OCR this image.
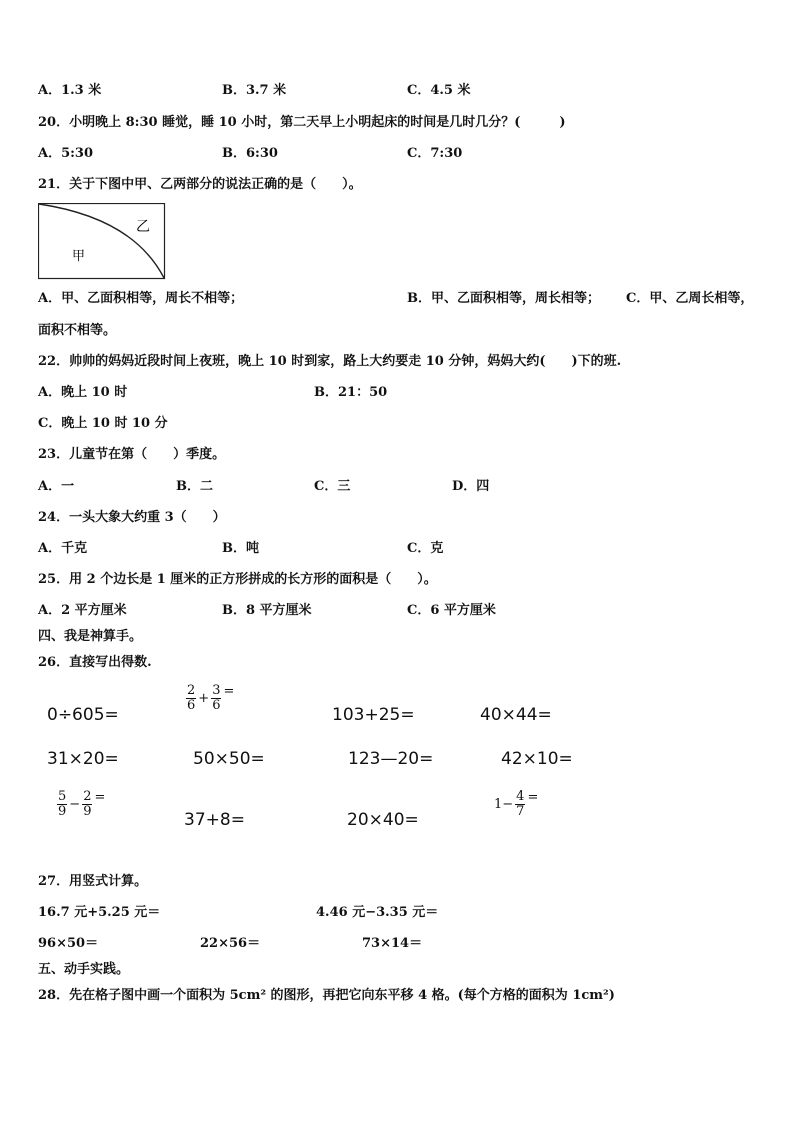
A．1.3 米	B．3.7 米	C．4.5 米
20．小明晚上 8:30 睡觉，睡 10 小时，第二天早上小明起床的时间是几时几分？(　　　)
A．5:30	B．6:30	C．7:30
21．关于下图中甲、乙两部分的说法正确的是（　　）。
乙
甲
A．甲、乙面积相等，周长不相等；	B．甲、乙面积相等，周长相等； C．甲、乙周长相等，
面积不相等。
22．帅帅的妈妈近段时间上夜班，晚上 10 时到家，路上大约要走 10 分钟，妈妈大约(　　)下的班.
A．晚上 10 时	B．21：50
C．晚上 10 时 10 分
23．儿童节在第（　　）季度。
A．一	B．二	C．三	D．四
24．一头大象大约重 3（　　）
A．千克	B．吨	C．克
25．用 2 个边长是 1 厘米的正方形拼成的长方形的面积是（　　）。
A．2 平方厘米	B．8 平方厘米	C．6 平方厘米
四、我是神算手。
26．直接写出得数.
$\frac{2}{6} + \frac{3}{6}$ =
0÷605=	103+25=	40×44=
31×20=	50×50=	123—20=	42×10=
$\frac{5}{9} - \frac{2}{9}$ =
37+8=	20×40=
$1- \frac{4}{7}$ =
27．用竖式计算。
16.7 元+5.25 元＝	4.46 元−3.35 元＝
96×50＝	22×56＝	73×14＝
五、动手实践。
28．先在格子图中画一个面积为 5cm² 的图形，再把它向东平移 4 格。(每个方格的面积为 1cm²)
